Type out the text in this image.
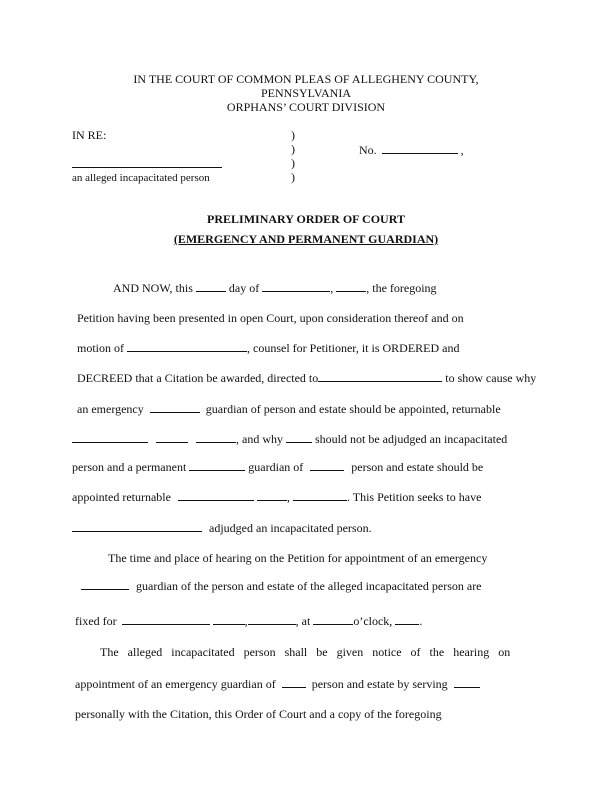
IN THE COURT OF COMMON PLEAS OF ALLEGHENY COUNTY,
PENNSYLVANIA
ORPHANS’ COURT DIVISION
IN RE:	)
)
)
)
No.	,
an alleged incapacitated person
PRELIMINARY ORDER OF COURT
(EMERGENCY AND PERMANENT GUARDIAN)
AND NOW, this	day of	,	, the foregoing
Petition having been presented in open Court, upon consideration thereof and on
motion of	, counsel for Petitioner, it is ORDERED and
DECREED that a Citation be awarded, directed to	to show cause why
an emergency	guardian of person and estate should be appointed, returnable
, and why	should not be adjudged an incapacitated
person and a permanent	guardian of	person and estate should be
appointed returnable	,	. This Petition seeks to have
adjudged an incapacitated person.
The time and place of hearing on the Petition for appointment of an emergency
guardian of the person and estate of the alleged incapacitated person are
fixed for	,	, at	o’clock, .
The   alleged   incapacitated   person   shall   be   given   notice   of   the   hearing   on
appointment of an emergency guardian of	person and estate by serving
personally with the Citation, this Order of Court and a copy of the foregoing
